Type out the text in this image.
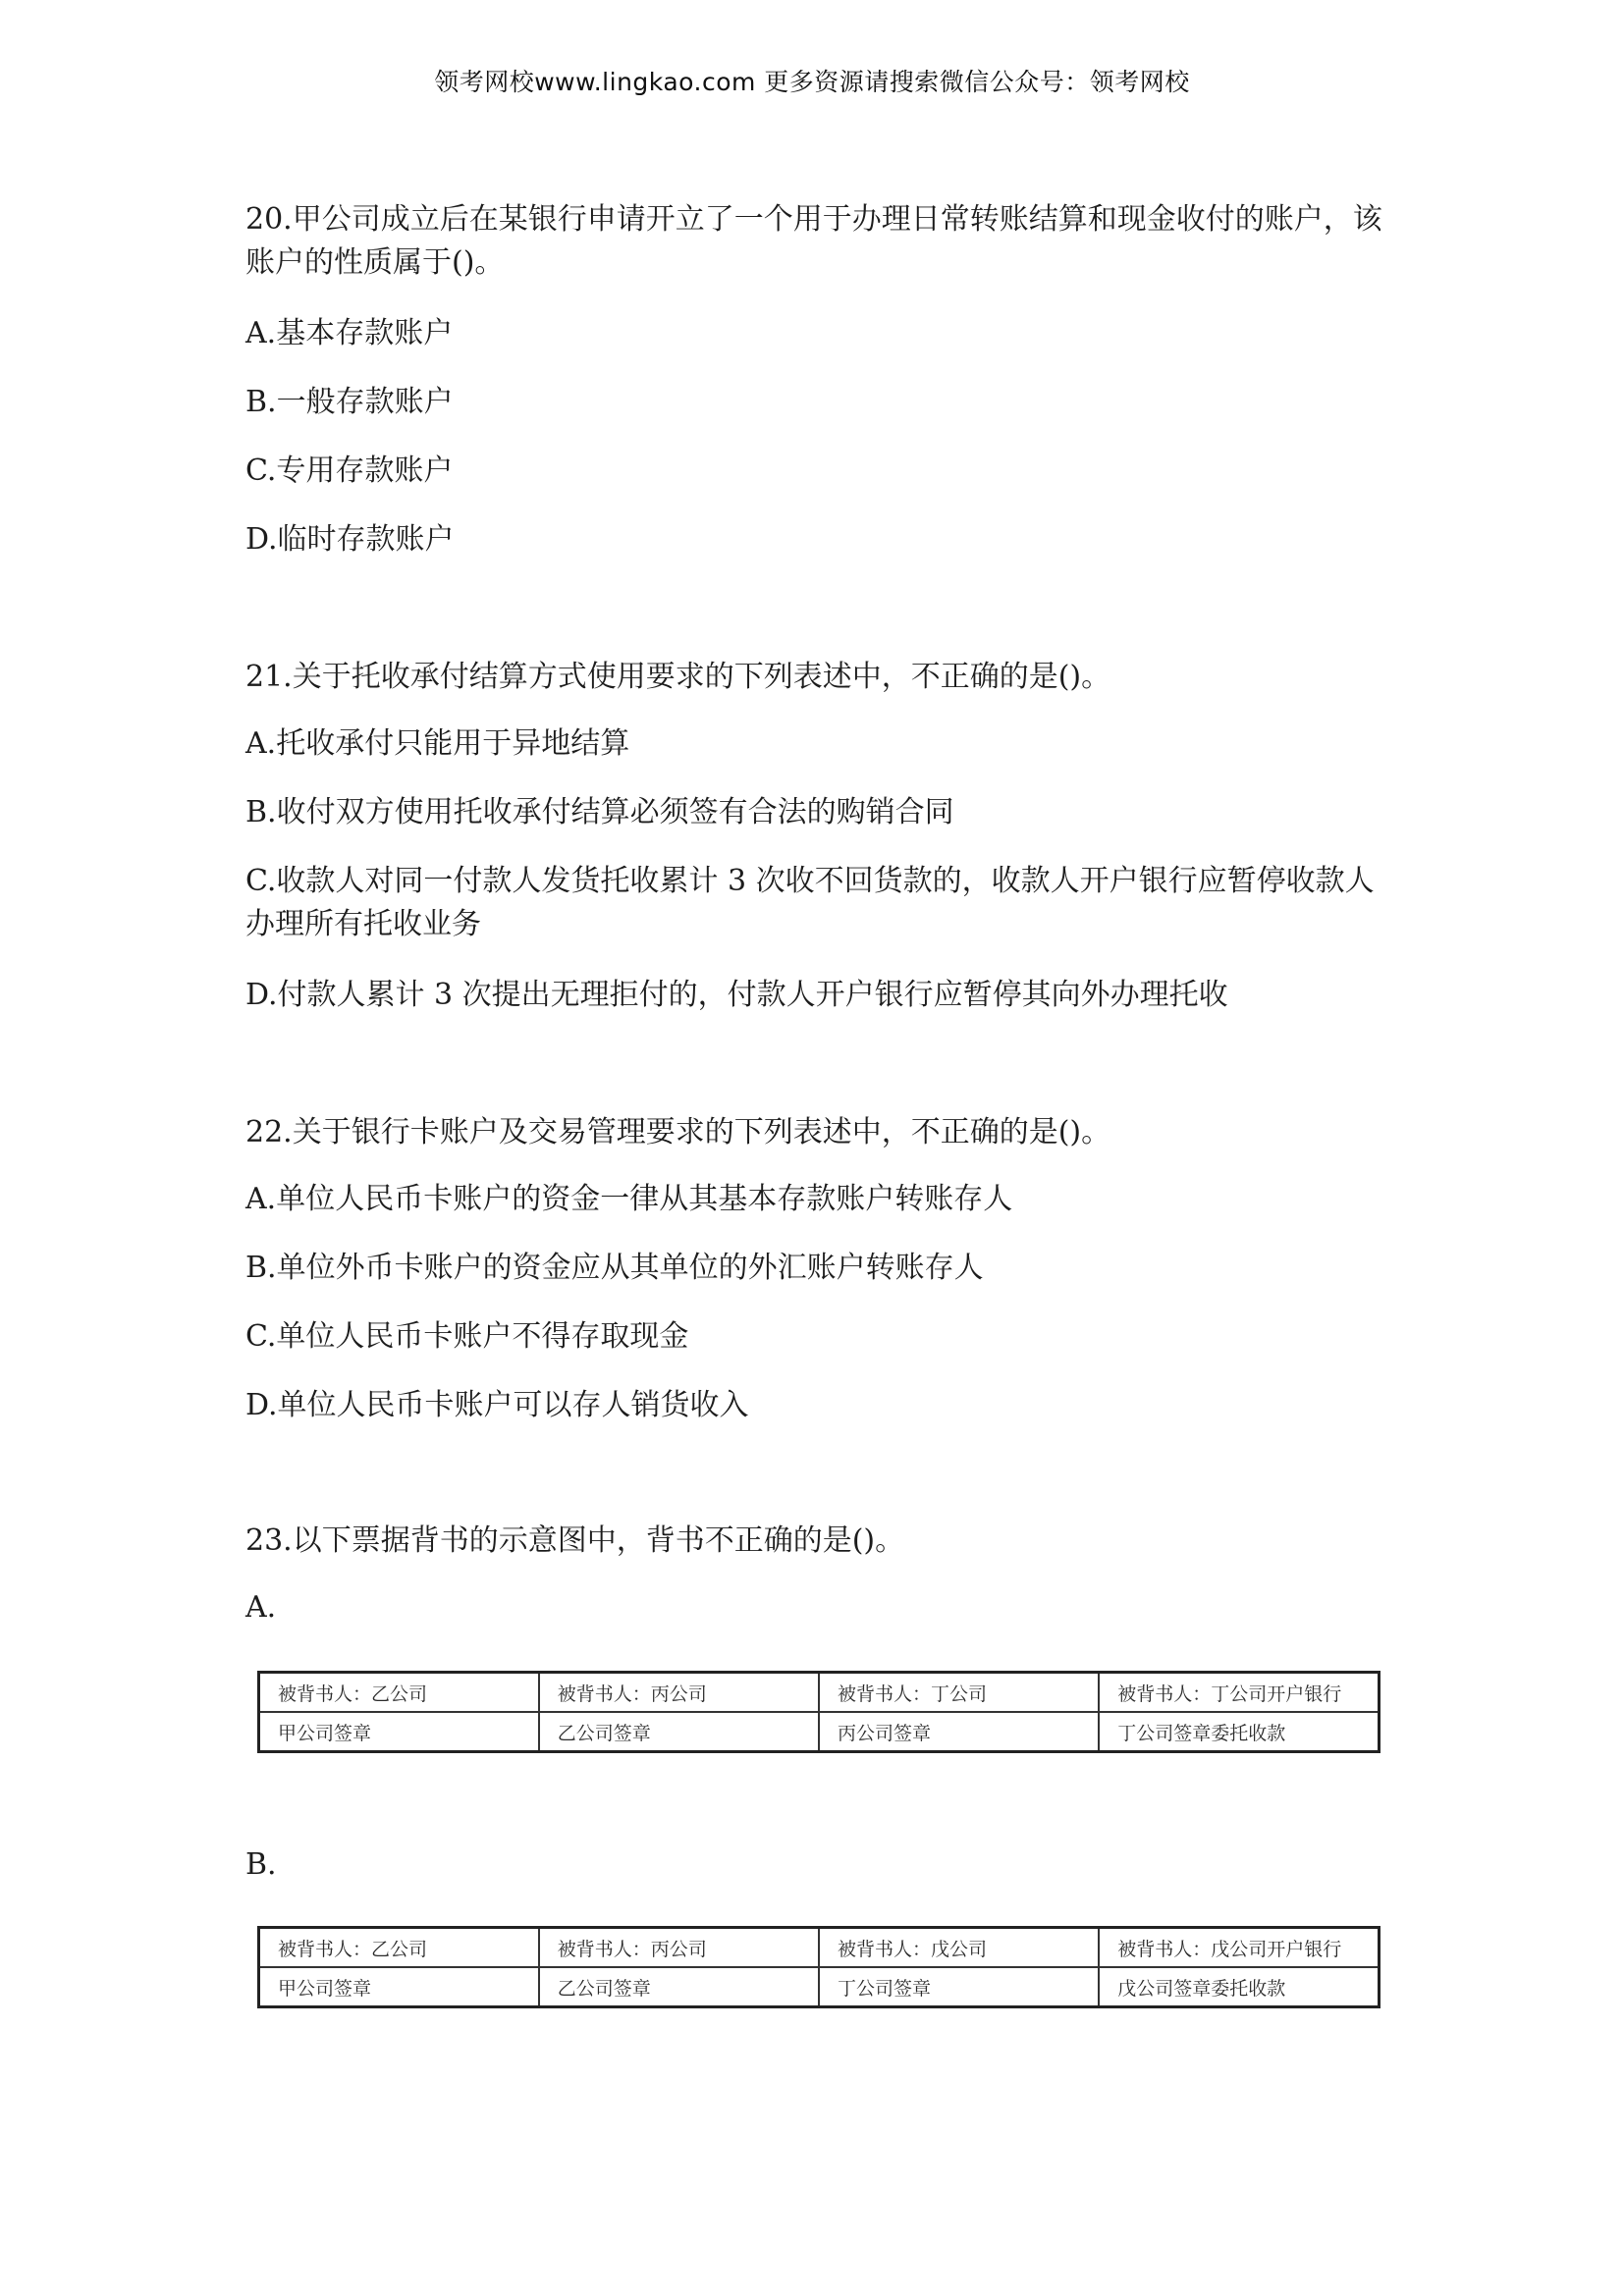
领考网校www.lingkao.com 更多资源请搜索微信公众号：领考网校
20.甲公司成立后在某银行申请开立了一个用于办理日常转账结算和现金收付的账户，该账户的性质属于()。
A.基本存款账户
B.一般存款账户
C.专用存款账户
D.临时存款账户
21.关于托收承付结算方式使用要求的下列表述中，不正确的是()。
A.托收承付只能用于异地结算
B.收付双方使用托收承付结算必须签有合法的购销合同
C.收款人对同一付款人发货托收累计 3 次收不回货款的，收款人开户银行应暂停收款人办理所有托收业务
D.付款人累计 3 次提出无理拒付的，付款人开户银行应暂停其向外办理托收
22.关于银行卡账户及交易管理要求的下列表述中，不正确的是()。
A.单位人民币卡账户的资金一律从其基本存款账户转账存人
B.单位外币卡账户的资金应从其单位的外汇账户转账存人
C.单位人民币卡账户不得存取现金
D.单位人民币卡账户可以存人销货收入
23.以下票据背书的示意图中，背书不正确的是()。
A.
被背书人：乙公司	被背书人：丙公司	被背书人：丁公司	被背书人：丁公司开户银行
甲公司签章	乙公司签章	丙公司签章	丁公司签章委托收款
B.
被背书人：乙公司	被背书人：丙公司	被背书人：戊公司	被背书人：戊公司开户银行
甲公司签章	乙公司签章	丁公司签章	戊公司签章委托收款
